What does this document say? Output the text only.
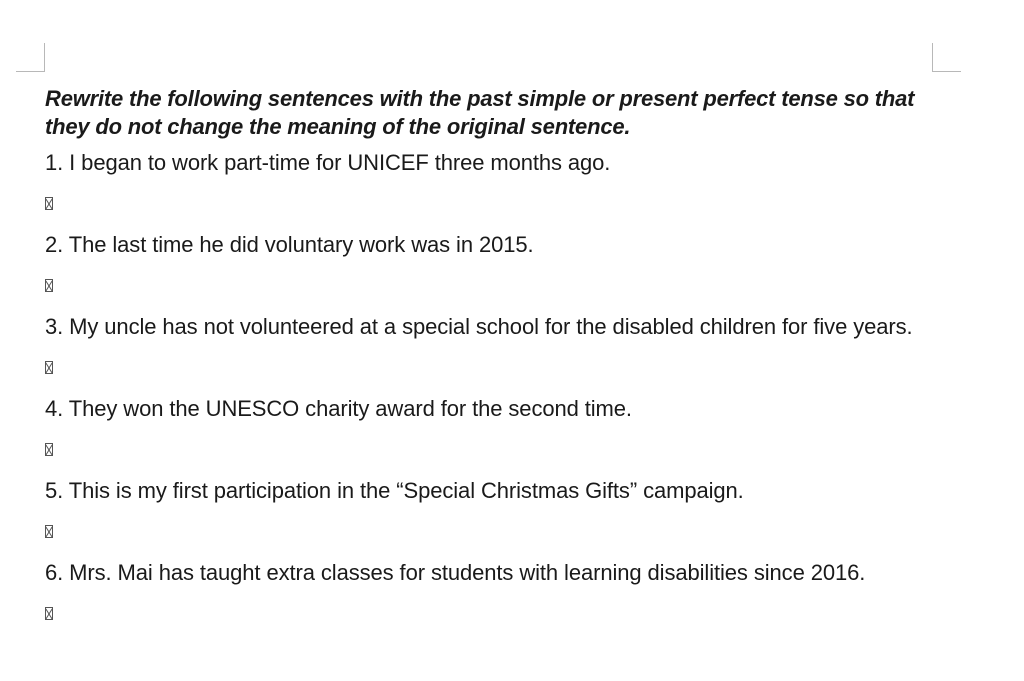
Rewrite the following sentences with the past simple or present perfect tense so that they do not change the meaning of the original sentence.

1. I began to work part-time for UNICEF three months ago.

2. The last time he did voluntary work was in 2015.

3. My uncle has not volunteered at a special school for the disabled children for five years.

4. They won the UNESCO charity award for the second time.

5. This is my first participation in the “Special Christmas Gifts” campaign.

6. Mrs. Mai has taught extra classes for students with learning disabilities since 2016.
